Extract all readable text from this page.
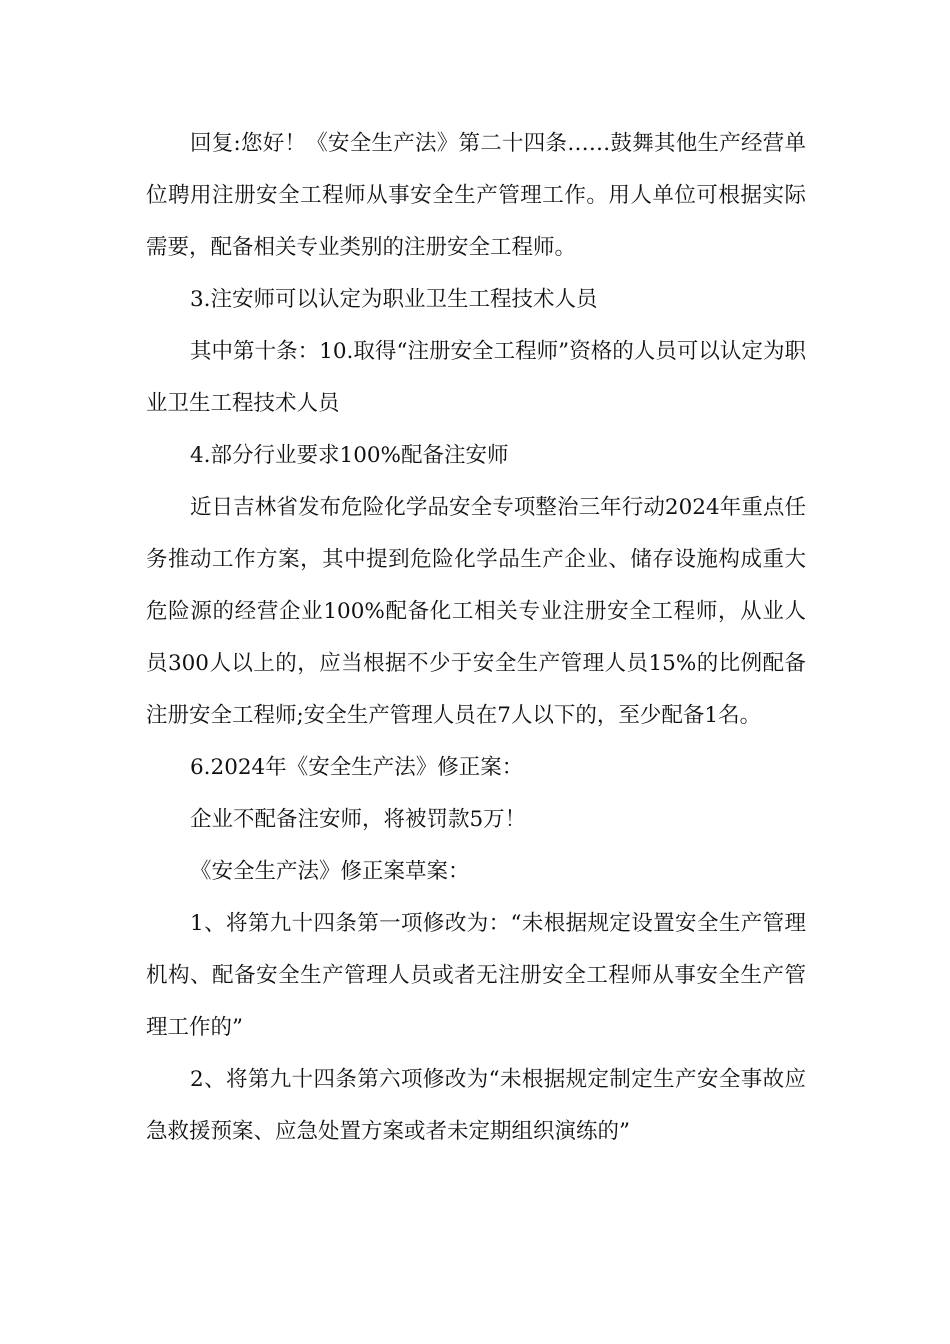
回复:您好！《安全生产法》第二十四条……鼓舞其他生产经营单位聘用注册安全工程师从事安全生产管理工作。用人单位可根据实际需要，配备相关专业类别的注册安全工程师。

3.注安师可以认定为职业卫生工程技术人员

其中第十条：10.取得“注册安全工程师”资格的人员可以认定为职业卫生工程技术人员

4.部分行业要求100%配备注安师

近日吉林省发布危险化学品安全专项整治三年行动2024年重点任务推动工作方案，其中提到危险化学品生产企业、储存设施构成重大危险源的经营企业100%配备化工相关专业注册安全工程师，从业人员300人以上的，应当根据不少于安全生产管理人员15%的比例配备注册安全工程师;安全生产管理人员在7人以下的，至少配备1名。

6.2024年《安全生产法》修正案：

企业不配备注安师，将被罚款5万！

《安全生产法》修正案草案：

1、将第九十四条第一项修改为：“未根据规定设置安全生产管理机构、配备安全生产管理人员或者无注册安全工程师从事安全生产管理工作的”

2、将第九十四条第六项修改为“未根据规定制定生产安全事故应急救援预案、应急处置方案或者未定期组织演练的”
